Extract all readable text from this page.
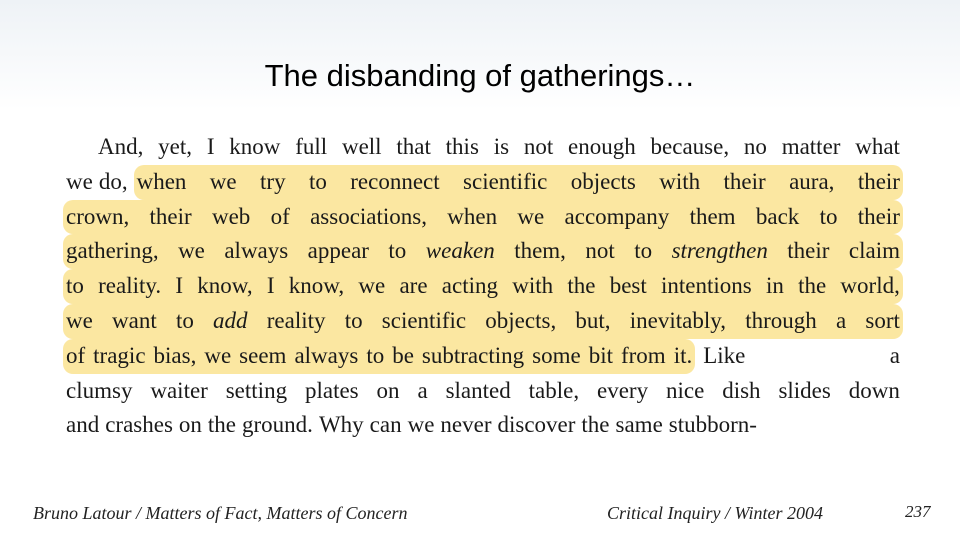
The disbanding of gatherings…
And, yet, I know full well that this is not enough because, no matter what
we do, when we try to reconnect scientific objects with their aura, their
crown, their web of associations, when we accompany them back to their
gathering, we always appear to weaken them, not to strengthen their claim
to reality. I know, I know, we are acting with the best intentions in the world,
we want to add reality to scientific objects, but, inevitably, through a sort
of tragic bias, we seem always to be subtracting some bit from it. Like	a
clumsy waiter setting plates on a slanted table, every nice dish slides down
and crashes on the ground. Why can we never discover the same stubborn-
Bruno Latour / Matters of Fact, Matters of Concern	Critical Inquiry / Winter 2004	237
